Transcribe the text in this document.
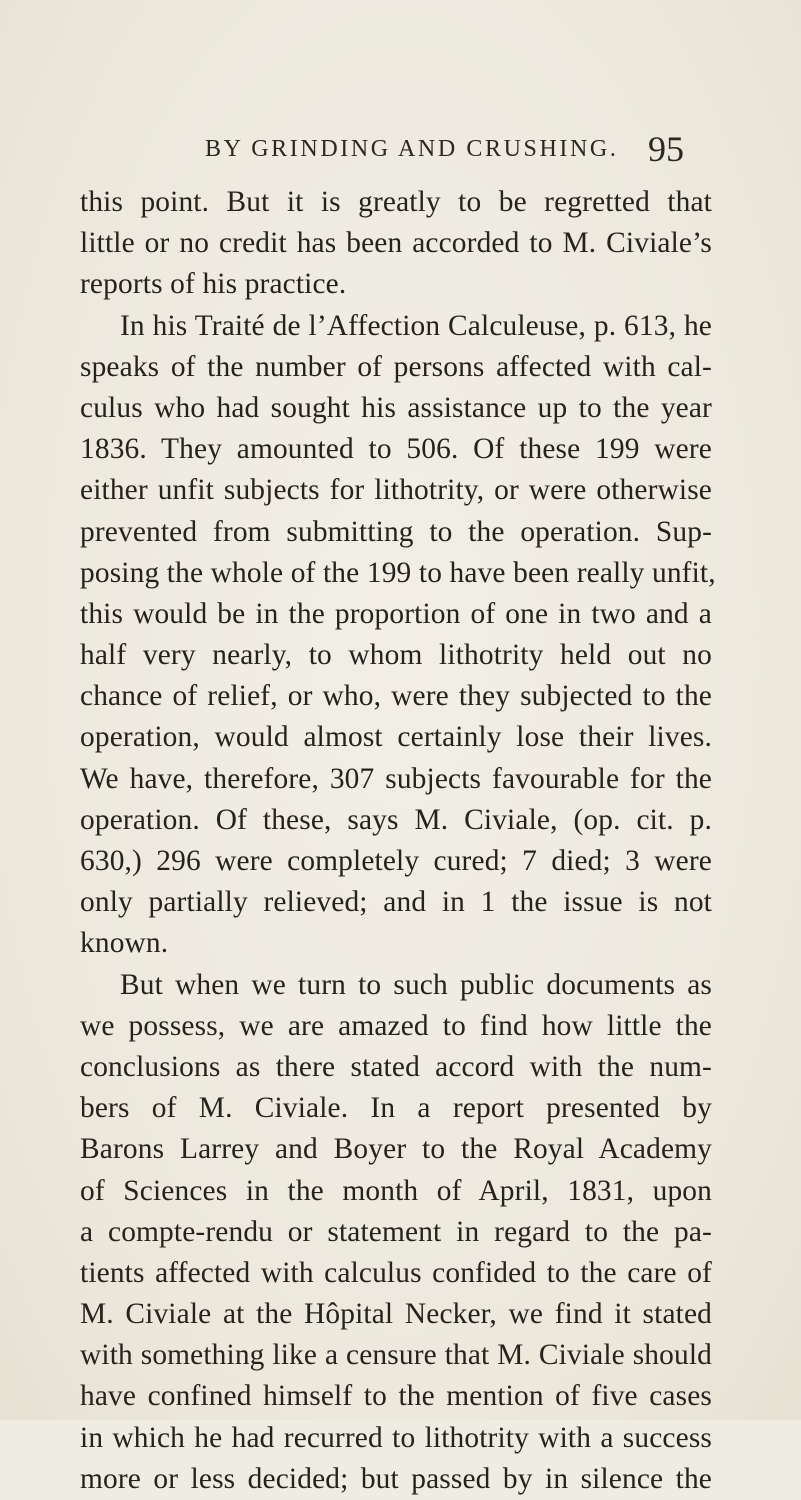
BY GRINDING AND CRUSHING. 95
this point. But it is greatly to be regretted that
little or no credit has been accorded to M. Civiale’s
reports of his practice.
In his Traité de l’Affection Calculeuse, p. 613, he
speaks of the number of persons affected with cal-
culus who had sought his assistance up to the year
1836. They amounted to 506. Of these 199 were
either unfit subjects for lithotrity, or were otherwise
prevented from submitting to the operation. Sup-
posing the whole of the 199 to have been really unfit,
this would be in the proportion of one in two and a
half very nearly, to whom lithotrity held out no
chance of relief, or who, were they subjected to the
operation, would almost certainly lose their lives.
We have, therefore, 307 subjects favourable for the
operation. Of these, says M. Civiale, (op. cit. p.
630,) 296 were completely cured; 7 died; 3 were
only partially relieved; and in 1 the issue is not
known.
But when we turn to such public documents as
we possess, we are amazed to find how little the
conclusions as there stated accord with the num-
bers of M. Civiale. In a report presented by
Barons Larrey and Boyer to the Royal Academy
of Sciences in the month of April, 1831, upon
a compte-rendu or statement in regard to the pa-
tients affected with calculus confided to the care of
M. Civiale at the Hôpital Necker, we find it stated
with something like a censure that M. Civiale should
have confined himself to the mention of five cases
in which he had recurred to lithotrity with a success
more or less decided; but passed by in silence the
